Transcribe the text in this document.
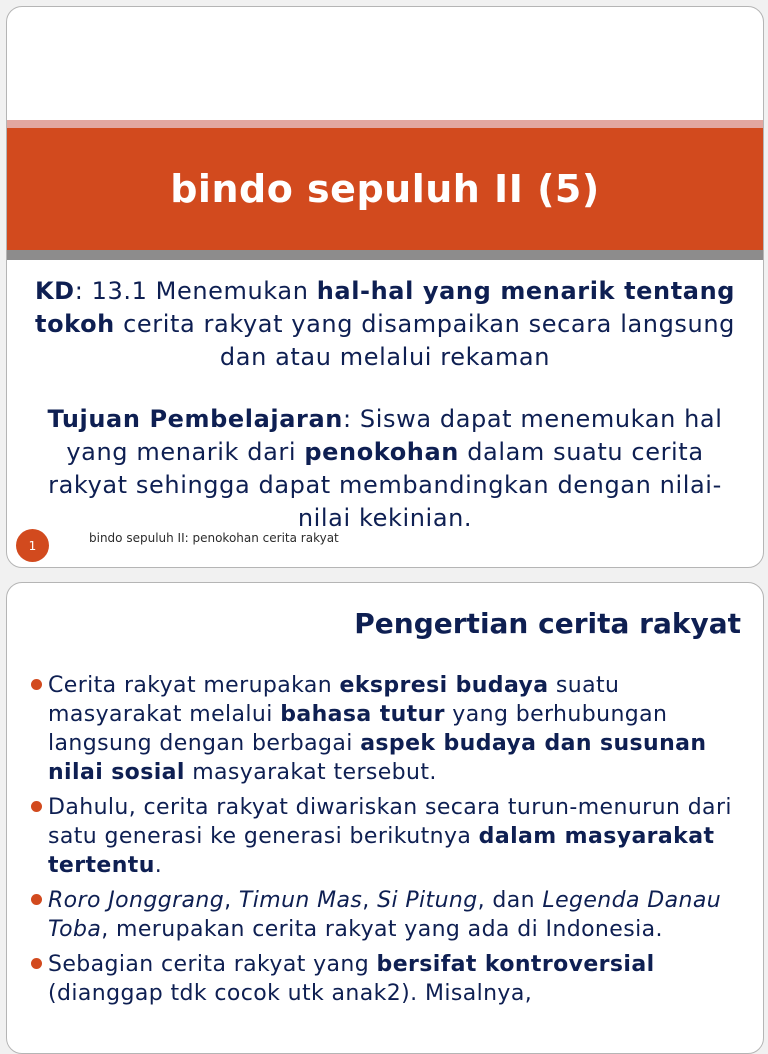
bindo sepuluh II (5)
KD: 13.1 Menemukan hal-hal yang menarik tentang tokoh cerita rakyat yang disampaikan secara langsung dan atau melalui rekaman
Tujuan Pembelajaran: Siswa dapat menemukan hal yang menarik dari penokohan dalam suatu cerita rakyat sehingga dapat membandingkan dengan nilai-nilai kekinian.
1
bindo sepuluh II: penokohan cerita rakyat
Pengertian cerita rakyat
Cerita rakyat merupakan ekspresi budaya suatu masyarakat melalui bahasa tutur yang berhubungan langsung dengan berbagai aspek budaya dan susunan nilai sosial masyarakat tersebut.
Dahulu, cerita rakyat diwariskan secara turun-menurun dari satu generasi ke generasi berikutnya dalam masyarakat tertentu.
Roro Jonggrang, Timun Mas, Si Pitung, dan Legenda Danau Toba, merupakan cerita rakyat yang ada di Indonesia.
Sebagian cerita rakyat yang bersifat kontroversial (dianggap tdk cocok utk anak2). Misalnya,
